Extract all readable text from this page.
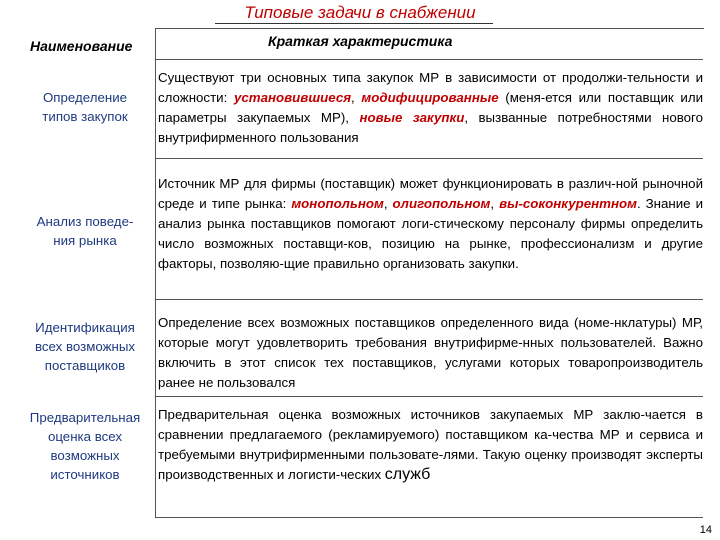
Типовые задачи в снабжении
Наименование	Краткая характеристика
Определение
типов закупок
Существуют три основных типа закупок МР в зависимости от продолжи-тельности и сложности: установившиеся, модифицированные (меня-ется или поставщик или параметры закупаемых МР), новые закупки, вызванные потребностями нового внутрифирменного пользования
Анализ поведе-
ния рынка
Источник МР для фирмы (поставщик) может функционировать в различ-ной рыночной среде и типе рынка: монопольном, олигопольном, вы-соконкурентном. Знание и анализ рынка поставщиков помогают логи-стическому персоналу фирмы определить число возможных поставщи-ков, позицию на рынке, профессионализм и другие факторы, позволяю-щие правильно организовать закупки.
Идентификация
всех возможных
поставщиков
Определение всех возможных поставщиков определенного вида (номе-нклатуры) МР, которые могут удовлетворить требования внутрифирме-нных пользователей. Важно включить в этот список тех поставщиков, услугами которых товаропроизводитель ранее не пользовался
Предварительная
оценка всех
возможных
источников
Предварительная оценка возможных источников закупаемых МР заклю-чается в сравнении предлагаемого (рекламируемого) поставщиком ка-чества МР и сервиса и требуемыми внутрифирменными пользовате-лями. Такую оценку производят эксперты производственных и логисти-ческих служб
14
